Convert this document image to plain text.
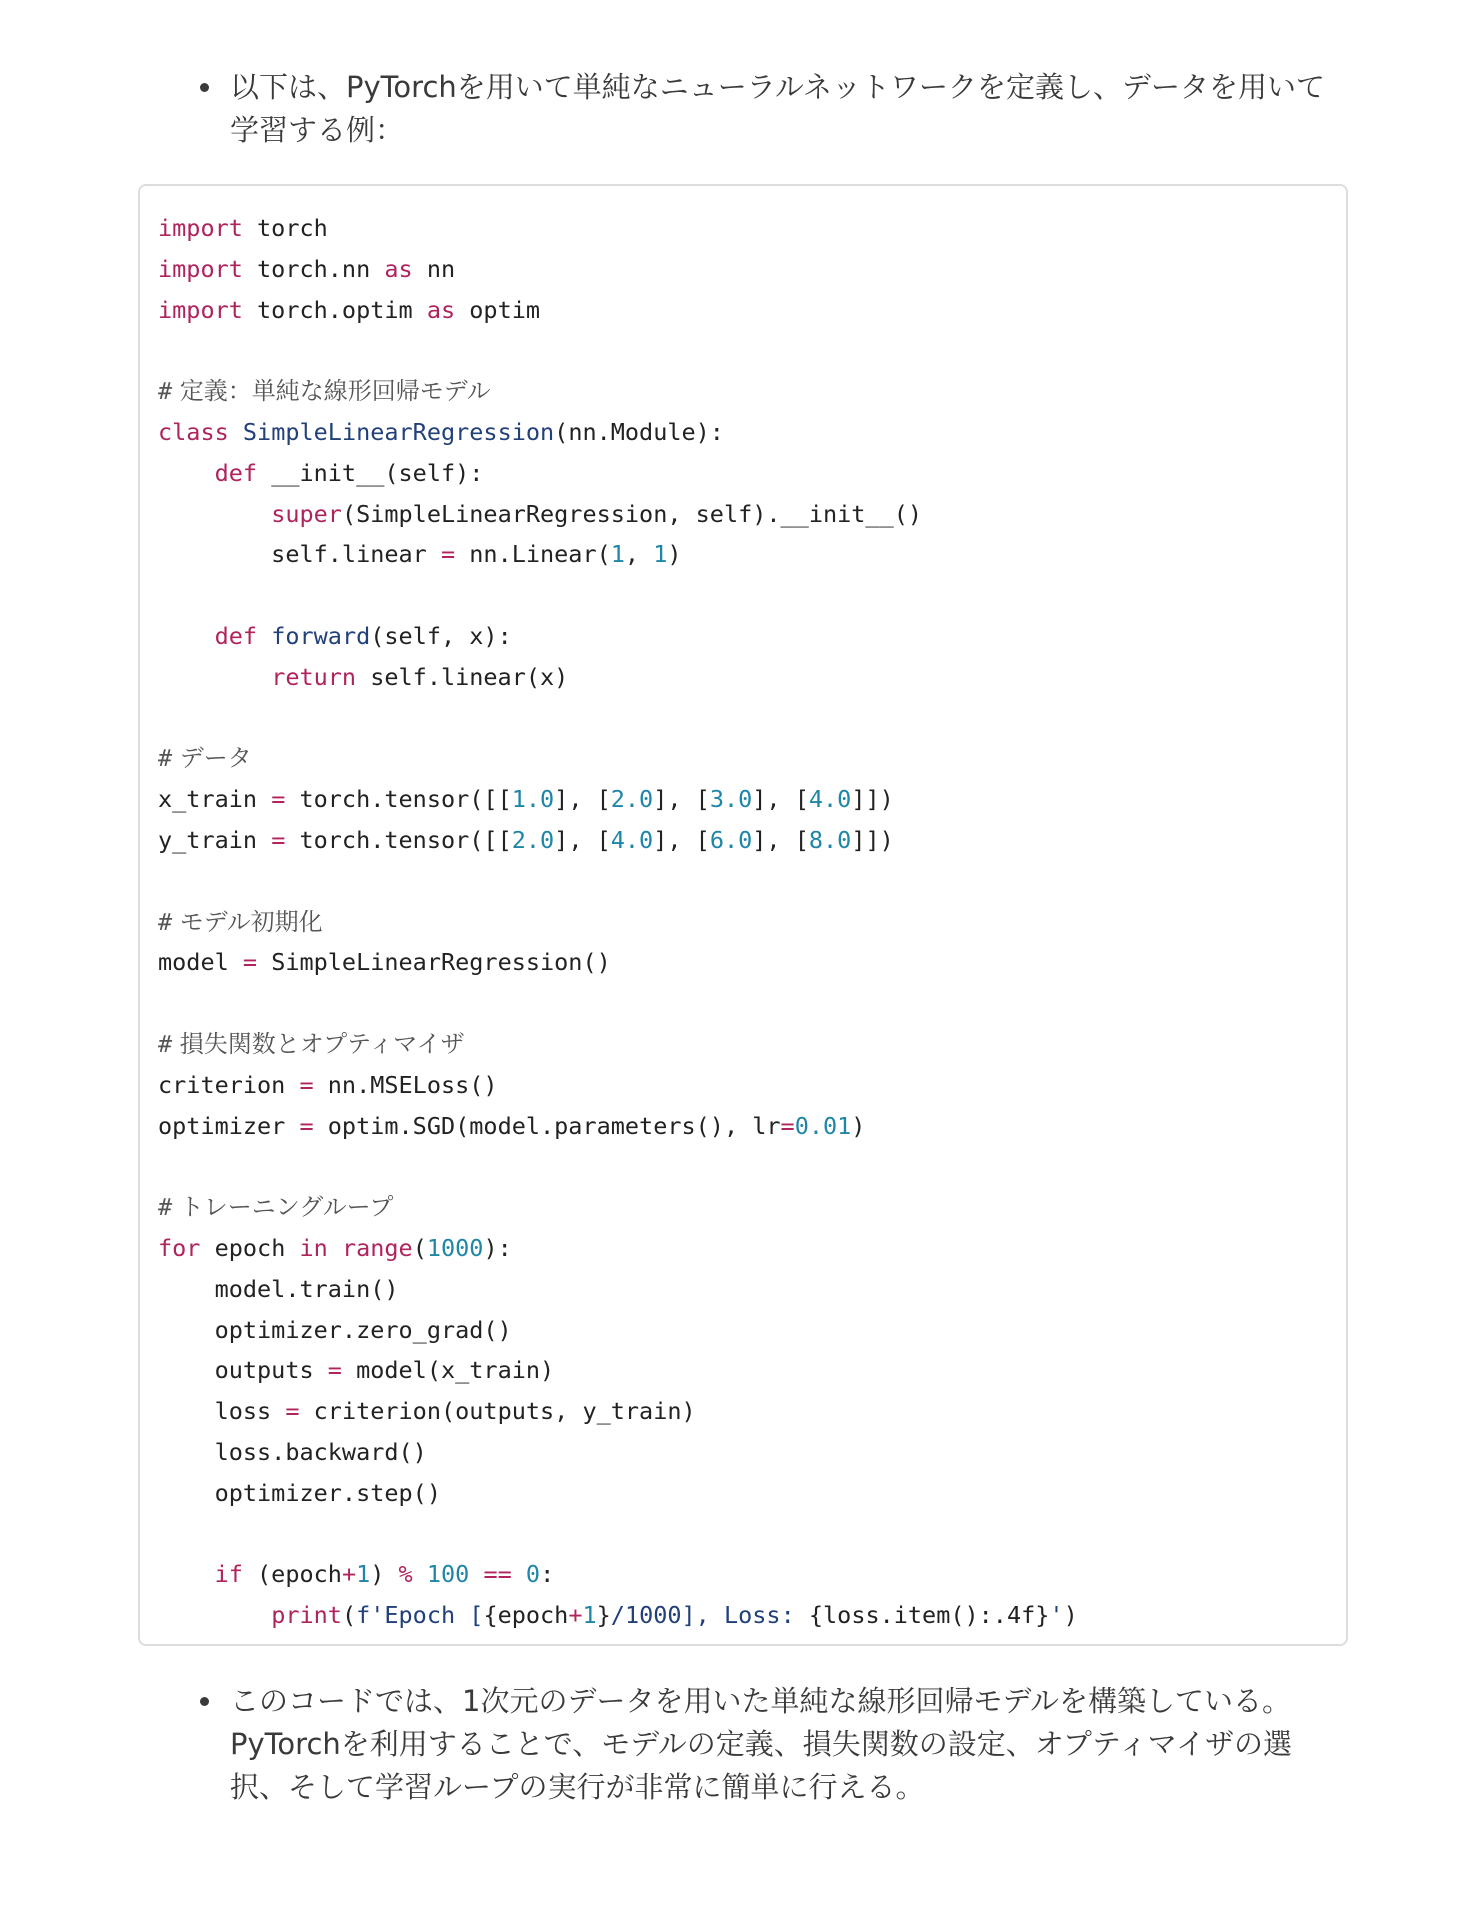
以下は、PyTorchを用いて単純なニューラルネットワークを定義し、データを用いて
学習する例：
import torch
import torch.nn as nn
import torch.optim as optim
# 定義：単純な線形回帰モデル
class SimpleLinearRegression(nn.Module):
def __init__(self):
super(SimpleLinearRegression, self).__init__()
self.linear = nn.Linear(1, 1)
def forward(self, x):
return self.linear(x)
# データ
x_train = torch.tensor([[1.0], [2.0], [3.0], [4.0]])
y_train = torch.tensor([[2.0], [4.0], [6.0], [8.0]])
# モデル初期化
model = SimpleLinearRegression()
# 損失関数とオプティマイザ
criterion = nn.MSELoss()
optimizer = optim.SGD(model.parameters(), lr=0.01)
# トレーニングループ
for epoch in range(1000):
model.train()
optimizer.zero_grad()
outputs = model(x_train)
loss = criterion(outputs, y_train)
loss.backward()
optimizer.step()
if (epoch+1) % 100 == 0:
print(f'Epoch [{epoch+1}/1000], Loss: {loss.item():.4f}')
このコードでは、1次元のデータを用いた単純な線形回帰モデルを構築している。
PyTorchを利用することで、モデルの定義、損失関数の設定、オプティマイザの選
択、そして学習ループの実行が非常に簡単に行える。
